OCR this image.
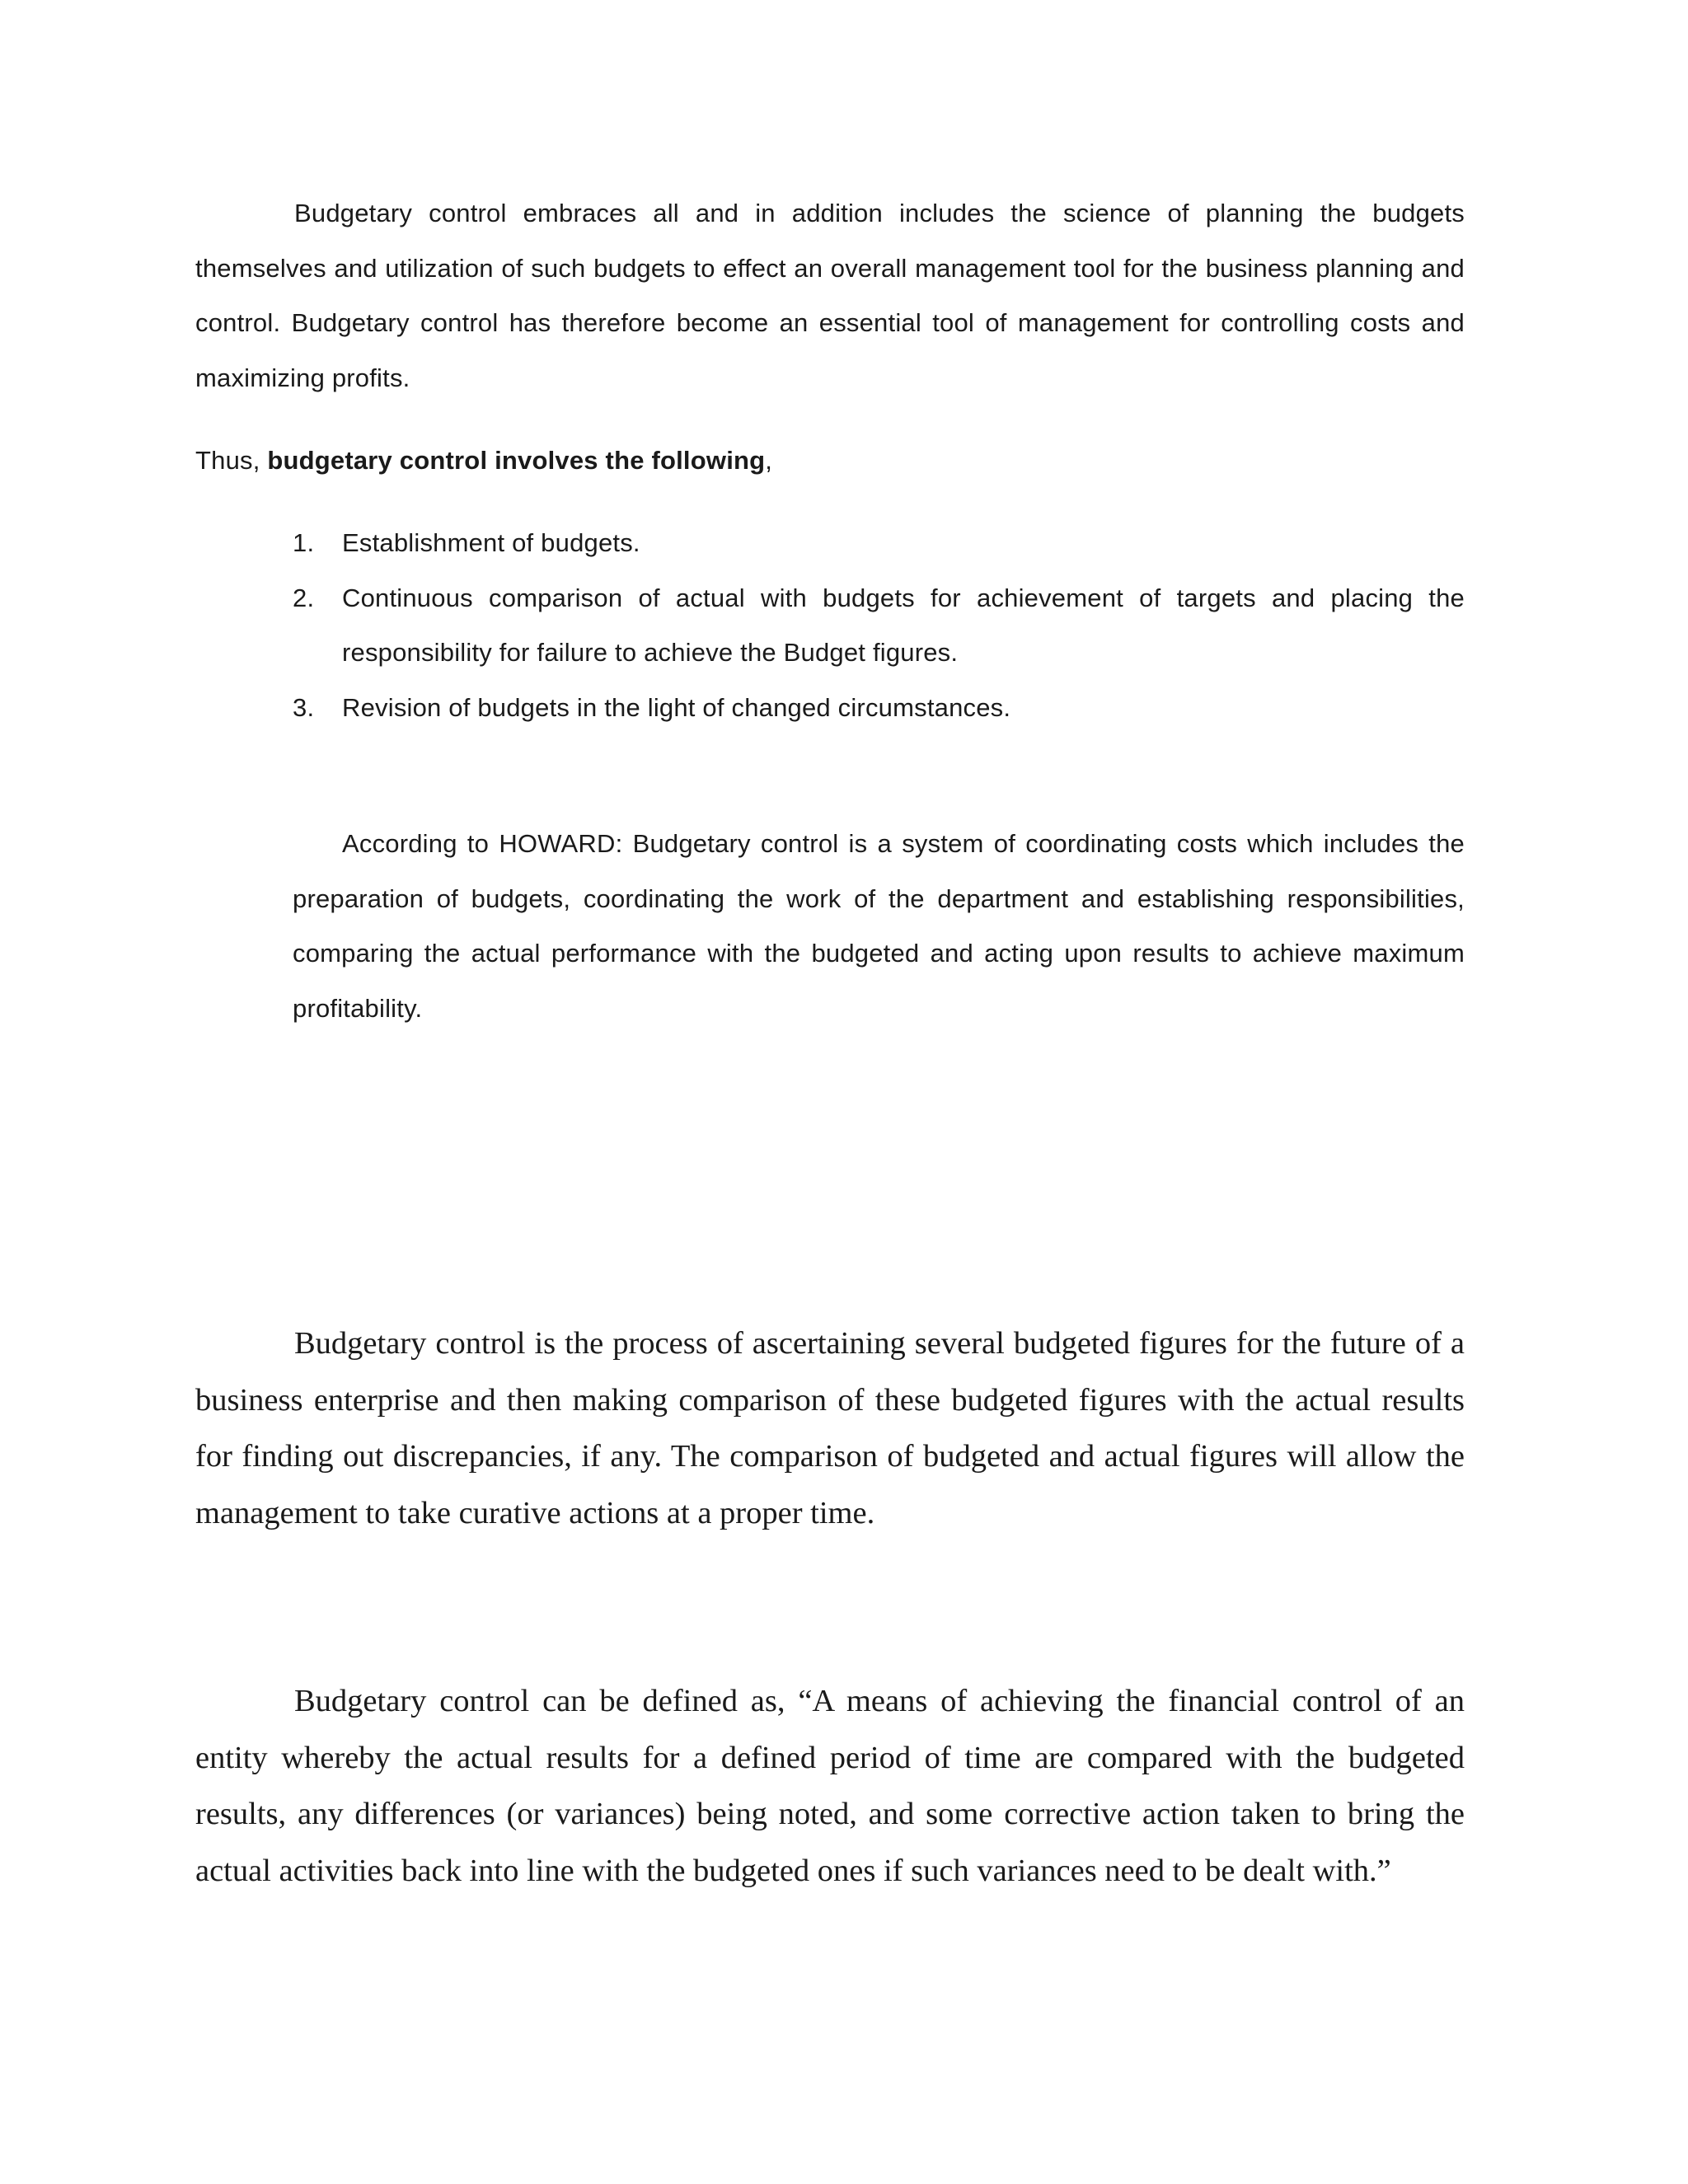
Budgetary control embraces all and in addition includes the science of planning the budgets themselves and utilization of such budgets to effect an overall management tool for the business planning and control. Budgetary control has therefore become an essential tool of management for controlling costs and maximizing profits.

Thus, budgetary control involves the following,

1. Establishment of budgets.
2. Continuous comparison of actual with budgets for achievement of targets and placing the responsibility for failure to achieve the Budget figures.
3. Revision of budgets in the light of changed circumstances.

According to HOWARD: Budgetary control is a system of coordinating costs which includes the preparation of budgets, coordinating the work of the department and establishing responsibilities, comparing the actual performance with the budgeted and acting upon results to achieve maximum profitability.

Budgetary control is the process of ascertaining several budgeted figures for the future of a business enterprise and then making comparison of these budgeted figures with the actual results for finding out discrepancies, if any. The comparison of budgeted and actual figures will allow the management to take curative actions at a proper time.

Budgetary control can be defined as, “A means of achieving the financial control of an entity whereby the actual results for a defined period of time are compared with the budgeted results, any differences (or variances) being noted, and some corrective action taken to bring the actual activities back into line with the budgeted ones if such variances need to be dealt with.”
